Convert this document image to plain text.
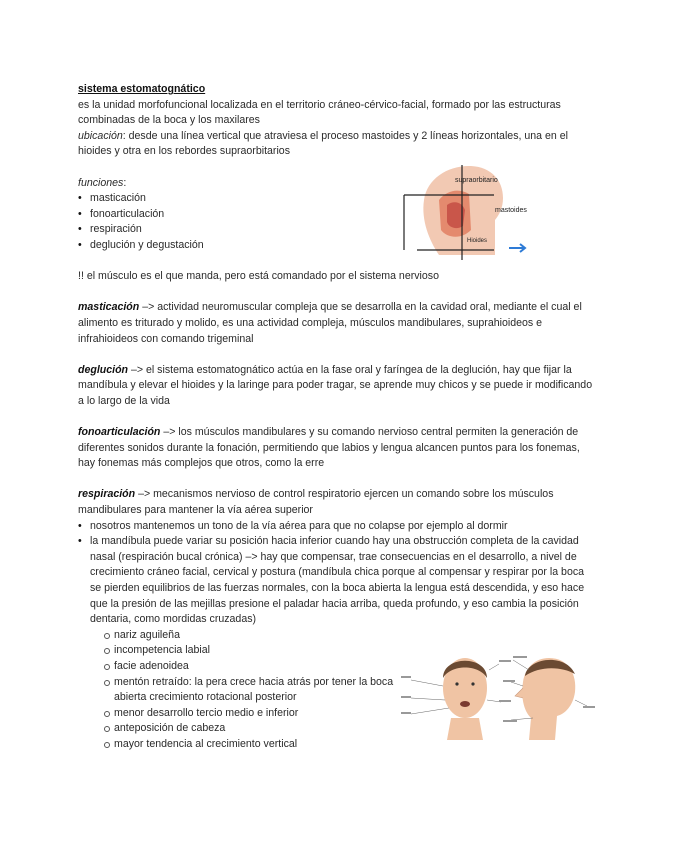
sistema estomatognático

es la unidad morfofuncional localizada en el territorio cráneo-cérvico-facial, formado por las estructuras combinadas de la boca y los maxilares

ubicación: desde una línea vertical que atraviesa el proceso mastoides y 2 líneas horizontales, una en el hioides y otra en los rebordes supraorbitarios

funciones:

• masticación
• fonoarticulación
• respiración
• deglución y degustación

!! el músculo es el que manda, pero está comandado por el sistema nervioso

masticación –> actividad neuromuscular compleja que se desarrolla en la cavidad oral, mediante el cual el alimento es triturado y molido, es una actividad compleja, músculos mandibulares, suprahioideos e infrahioideos con comando trigeminal

deglución –> el sistema estomatognático actúa en la fase oral y faríngea de la deglución, hay que fijar la mandíbula y elevar el hioides y la laringe para poder tragar, se aprende muy chicos y se puede ir modificando a lo largo de la vida

fonoarticulación –> los músculos mandibulares y su comando nervioso central permiten la generación de diferentes sonidos durante la fonación, permitiendo que labios y lengua alcancen puntos para los fonemas, hay fonemas más complejos que otros, como la erre

respiración –> mecanismos nervioso de control respiratorio ejercen un comando sobre los músculos mandibulares para mantener la vía aérea superior

• nosotros mantenemos un tono de la vía aérea para que no colapse por ejemplo al dormir
• la mandíbula puede variar su posición hacia inferior cuando hay una obstrucción completa de la cavidad nasal (respiración bucal crónica) –> hay que compensar, trae consecuencias en el desarrollo, a nivel de crecimiento cráneo facial, cervical y postura (mandíbula chica porque al compensar y respirar por la boca se pierden equilibrios de las fuerzas normales, con la boca abierta la lengua está descendida, y eso hace que la presión de las mejillas presione el paladar hacia arriba, queda profundo, y eso cambia la posición dentaria, como mordidas cruzadas)
nariz aguileña
incompetencia labial
facie adenoidea
mentón retraído: la pera crece hacia atrás por tener la boca abierta crecimiento rotacional posterior
menor desarrollo tercio medio e inferior
anteposición de cabeza
mayor tendencia al crecimiento vertical
supraorbitario
mastoides
Hioides
